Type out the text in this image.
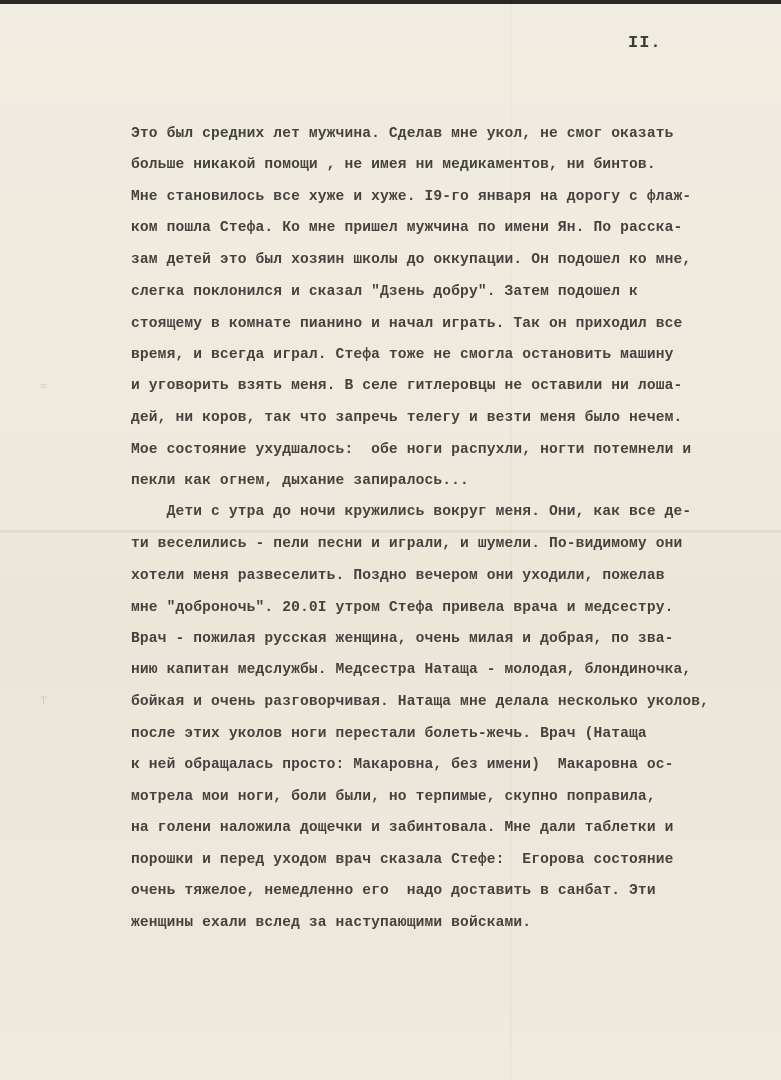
≈
⊤
II.
Это был средних лет мужчина. Сделав мне укол, не смог оказать
больше никакой помощи , не имея ни медикаментов, ни бинтов.
Мне становилось все хуже и хуже. I9-го января на дорогу с флаж-
ком пошла Стефа. Ко мне пришел мужчина по имени Ян. По расска-
зам детей это был хозяин школы до оккупации. Он подошел ко мне,
слегка поклонился и сказал "Дзень добру". Затем подошел к
стоящему в комнате пианино и начал играть. Так он приходил все
время, и всегда играл. Стефа тоже не смогла остановить машину
и уговорить взять меня. В селе гитлеровцы не оставили ни лоша-
дей, ни коров, так что запречь телегу и везти меня было нечем.
Мое состояние ухудшалось:  обе ноги распухли, ногти потемнели и
пекли как огнем, дыхание запиралось...
Дети с утра до ночи кружились вокруг меня. Они, как все де-
ти веселились - пели песни и играли, и шумели. По-видимому они
хотели меня развеселить. Поздно вечером они уходили, пожелав
мне "доброночь". 20.0I утром Стефа привела врача и медсестру.
Врач - пожилая русская женщина, очень милая и добрая, по зва-
нию капитан медслужбы. Медсестра Натаща - молодая, блондиночка,
бойкая и очень разговорчивая. Натаща мне делала несколько уколов,
после этих уколов ноги перестали болеть-жечь. Врач (Натаща
к ней обращалась просто: Макаровна, без имени)  Макаровна ос-
мотрела мои ноги, боли были, но терпимые, скупно поправила,
на голени наложила дощечки и забинтовала. Мне дали таблетки и
порошки и перед уходом врач сказала Стефе:  Егорова состояние
очень тяжелое, немедленно его  надо доставить в санбат. Эти
женщины ехали вслед за наступающими войсками.
